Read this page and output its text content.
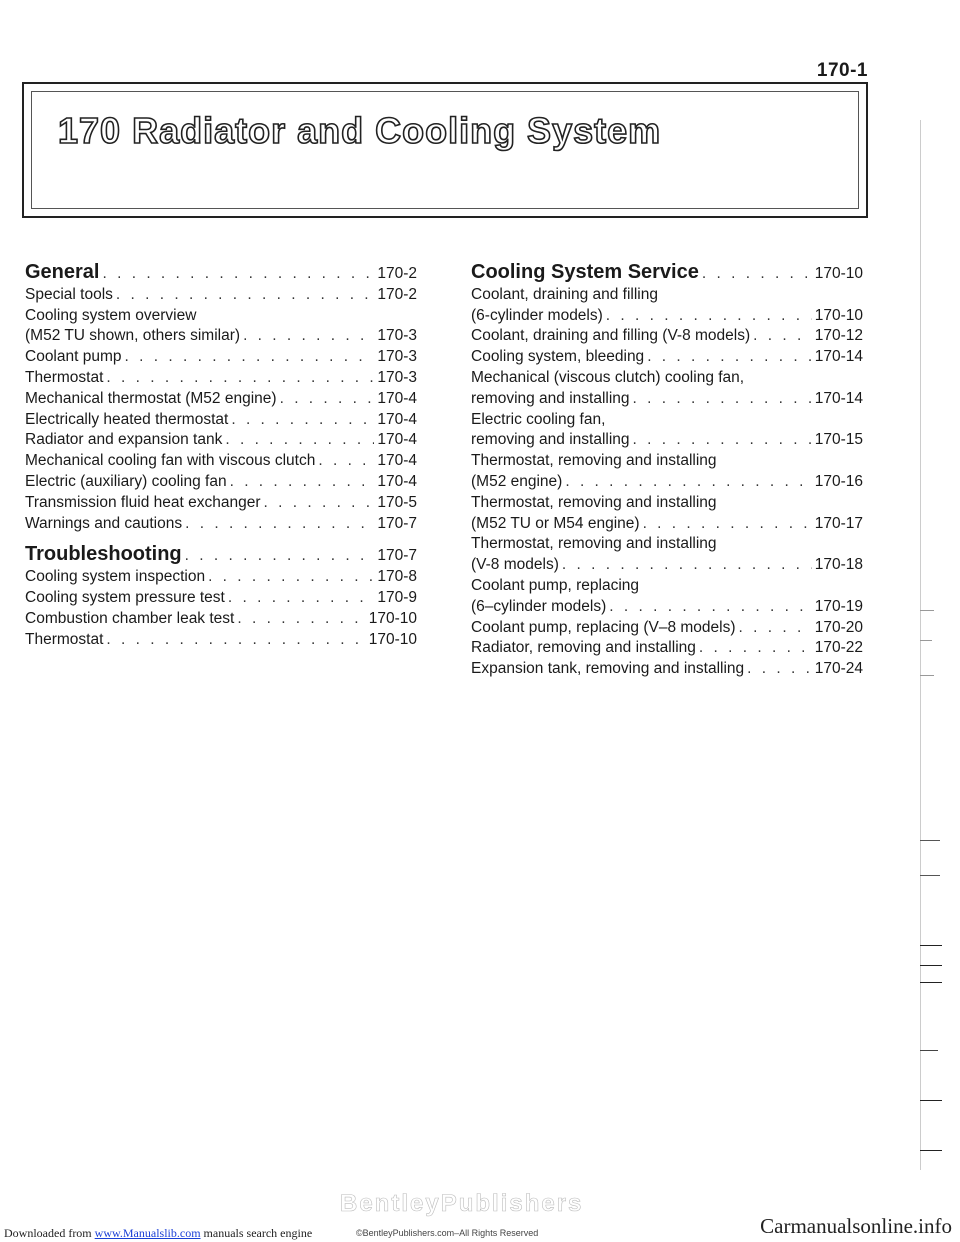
170-1
170 Radiator and Cooling System
General . . .	170-2
Special tools . . .	170-2
Cooling system overview
(M52 TU shown, others similar) . . .	170-3
Coolant pump . . .	170-3
Thermostat . . .	170-3
Mechanical thermostat (M52 engine) . . .	170-4
Electrically heated thermostat . . .	170-4
Radiator and expansion tank . . .	170-4
Mechanical cooling fan with viscous clutch . . .	170-4
Electric (auxiliary) cooling fan . . .	170-4
Transmission fluid heat exchanger . . .	170-5
Warnings and cautions . . .	170-7
Troubleshooting . . .	170-7
Cooling system inspection . . .	170-8
Cooling system pressure test . . .	170-9
Combustion chamber leak test . . .	170-10
Thermostat . . .	170-10
Cooling System Service . . .	170-10
Coolant, draining and filling
(6-cylinder models) . . .	170-10
Coolant, draining and filling (V-8 models) . . .	170-12
Cooling system, bleeding . . .	170-14
Mechanical (viscous clutch) cooling fan,
removing and installing . . .	170-14
Electric cooling fan,
removing and installing . . .	170-15
Thermostat, removing and installing
(M52 engine) . . .	170-16
Thermostat, removing and installing
(M52 TU or M54 engine) . . .	170-17
Thermostat, removing and installing
(V-8 models) . . .	170-18
Coolant pump, replacing
(6–cylinder models) . . .	170-19
Coolant pump, replacing (V–8 models) . . .	170-20
Radiator, removing and installing . . .	170-22
Expansion tank, removing and installing . . .	170-24
Downloaded from www.Manualslib.com manuals search engine
BentleyPublishers
©BentleyPublishers.com–All Rights Reserved	Carmanualsonline.info
